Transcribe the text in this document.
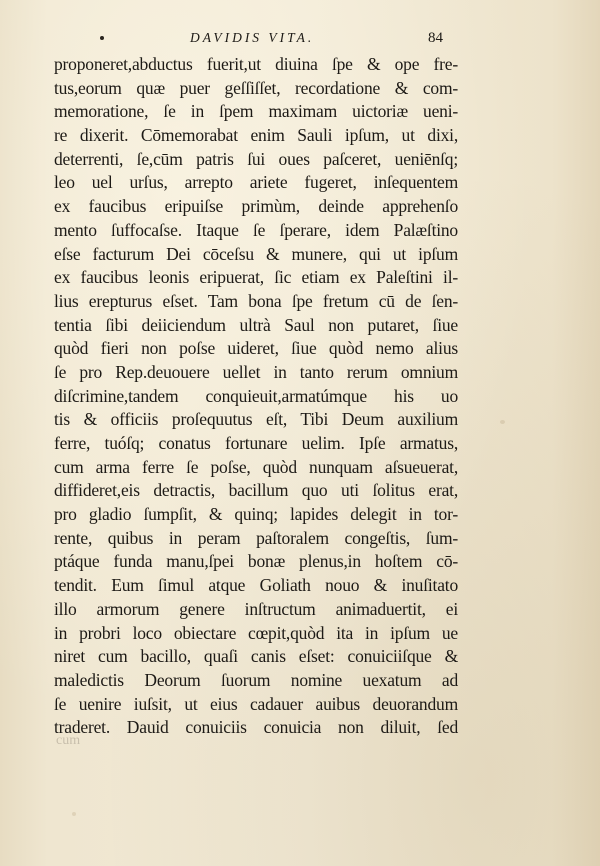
DAVIDIS VITA.	84
proponeret,abductus fuerit,ut diuina ſpe & ope fre-
tus,eorum quæ puer geſſiſſet, recordatione & com-
memoratione, ſe in ſpem maximam uictoriæ ueni-
re dixerit. Cōmemorabat enim Sauli ipſum, ut dixi,
deterrenti, ſe,cūm patris ſui oues paſceret, ueniēnſq;
leo uel urſus, arrepto ariete fugeret, inſequentem
ex faucibus eripuiſse primùm, deinde apprehenſo
mento ſuffocaſse. Itaque ſe ſperare, idem Palæſtino
eſse facturum Dei cōceſsu & munere, qui ut ipſum
ex faucibus leonis eripuerat, ſic etiam ex Paleſtini il-
lius erepturus eſset. Tam bona ſpe fretum cū de ſen-
tentia ſibi deiiciendum ultrà Saul non putaret, ſiue
quòd fieri non poſse uideret, ſiue quòd nemo alius
ſe pro Rep.deuouere uellet in tanto rerum omnium
diſcrimine,tandem conquieuit,armatúmque his uo
tis & officiis proſequutus eſt, Tibi Deum auxilium
ferre, tuóſq; conatus fortunare uelim. Ipſe armatus,
cum arma ferre ſe poſse, quòd nunquam aſsueuerat,
diffideret,eis detractis, bacillum quo uti ſolitus erat,
pro gladio ſumpſit, & quinq; lapides delegit in tor-
rente, quibus in peram paſtoralem congeſtis, ſum-
ptáque funda manu,ſpei bonæ plenus,in hoſtem cō-
tendit. Eum ſimul atque Goliath nouo & inuſitato
illo armorum genere inſtructum animaduertit, ei
in probri loco obiectare cœpit,quòd ita in ipſum ue
niret cum bacillo, quaſi canis eſset: conuiciiſque &
maledictis Deorum ſuorum nomine uexatum ad
ſe uenire iuſsit, ut eius cadauer auibus deuorandum
traderet. Dauid conuiciis conuicia non diluit, ſed
cum
